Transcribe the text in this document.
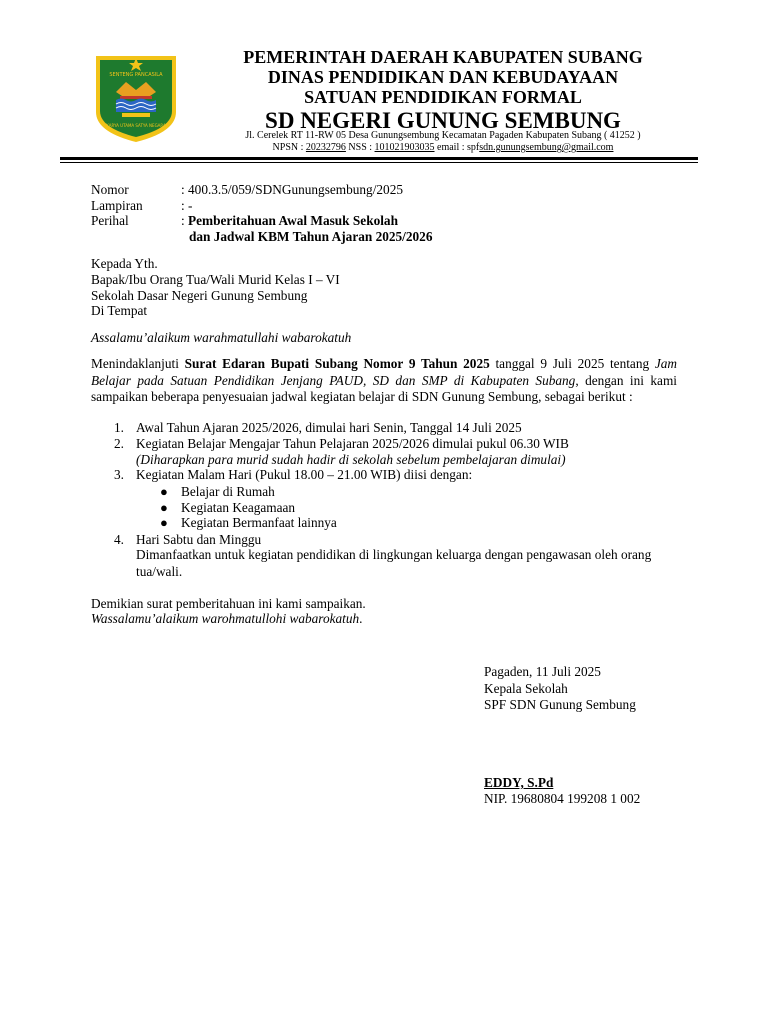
SENTENG PANCASILA
KARYA UTAMA SATYA NEGARA
PEMERINTAH DAERAH KABUPATEN SUBANG
DINAS PENDIDIKAN DAN KEBUDAYAAN
SATUAN PENDIDIKAN FORMAL
SD NEGERI GUNUNG SEMBUNG
Jl. Cerelek RT 11-RW 05 Desa Gunungsembung Kecamatan Pagaden Kabupaten Subang ( 41252 )
NPSN : 20232796 NSS : 101021903035 email : spfsdn.gunungsembung@gmail.com
Nomor	: 400.3.5/059/SDNGunungsembung/2025
Lampiran	: -
Perihal	: Pemberitahuan Awal Masuk Sekolah
dan Jadwal KBM Tahun Ajaran 2025/2026
Kepada Yth.
Bapak/Ibu Orang Tua/Wali Murid Kelas I – VI
Sekolah Dasar Negeri Gunung Sembung
Di Tempat
Assalamu’alaikum warahmatullahi wabarokatuh
Menindaklanjuti Surat Edaran Bupati Subang Nomor 9 Tahun 2025 tanggal 9 Juli 2025 tentang Jam Belajar pada Satuan Pendidikan Jenjang PAUD, SD dan SMP di Kabupaten Subang, dengan ini kami sampaikan beberapa penyesuaian jadwal kegiatan belajar di SDN Gunung Sembung, sebagai berikut :
1. Awal Tahun Ajaran 2025/2026, dimulai hari Senin, Tanggal 14 Juli 2025
2. Kegiatan Belajar Mengajar Tahun Pelajaran 2025/2026 dimulai pukul 06.30 WIB
(Diharapkan para murid sudah hadir di sekolah sebelum pembelajaran dimulai)
3. Kegiatan Malam Hari (Pukul 18.00 – 21.00 WIB) diisi dengan:
● Belajar di Rumah
● Kegiatan Keagamaan
● Kegiatan Bermanfaat lainnya
4. Hari Sabtu dan Minggu
Dimanfaatkan untuk kegiatan pendidikan di lingkungan keluarga dengan pengawasan oleh orang tua/wali.
Demikian surat pemberitahuan ini kami sampaikan.
Wassalamu’alaikum warohmatullohi wabarokatuh.
Pagaden, 11 Juli 2025
Kepala Sekolah
SPF SDN Gunung Sembung
EDDY, S.Pd
NIP. 19680804 199208 1 002
